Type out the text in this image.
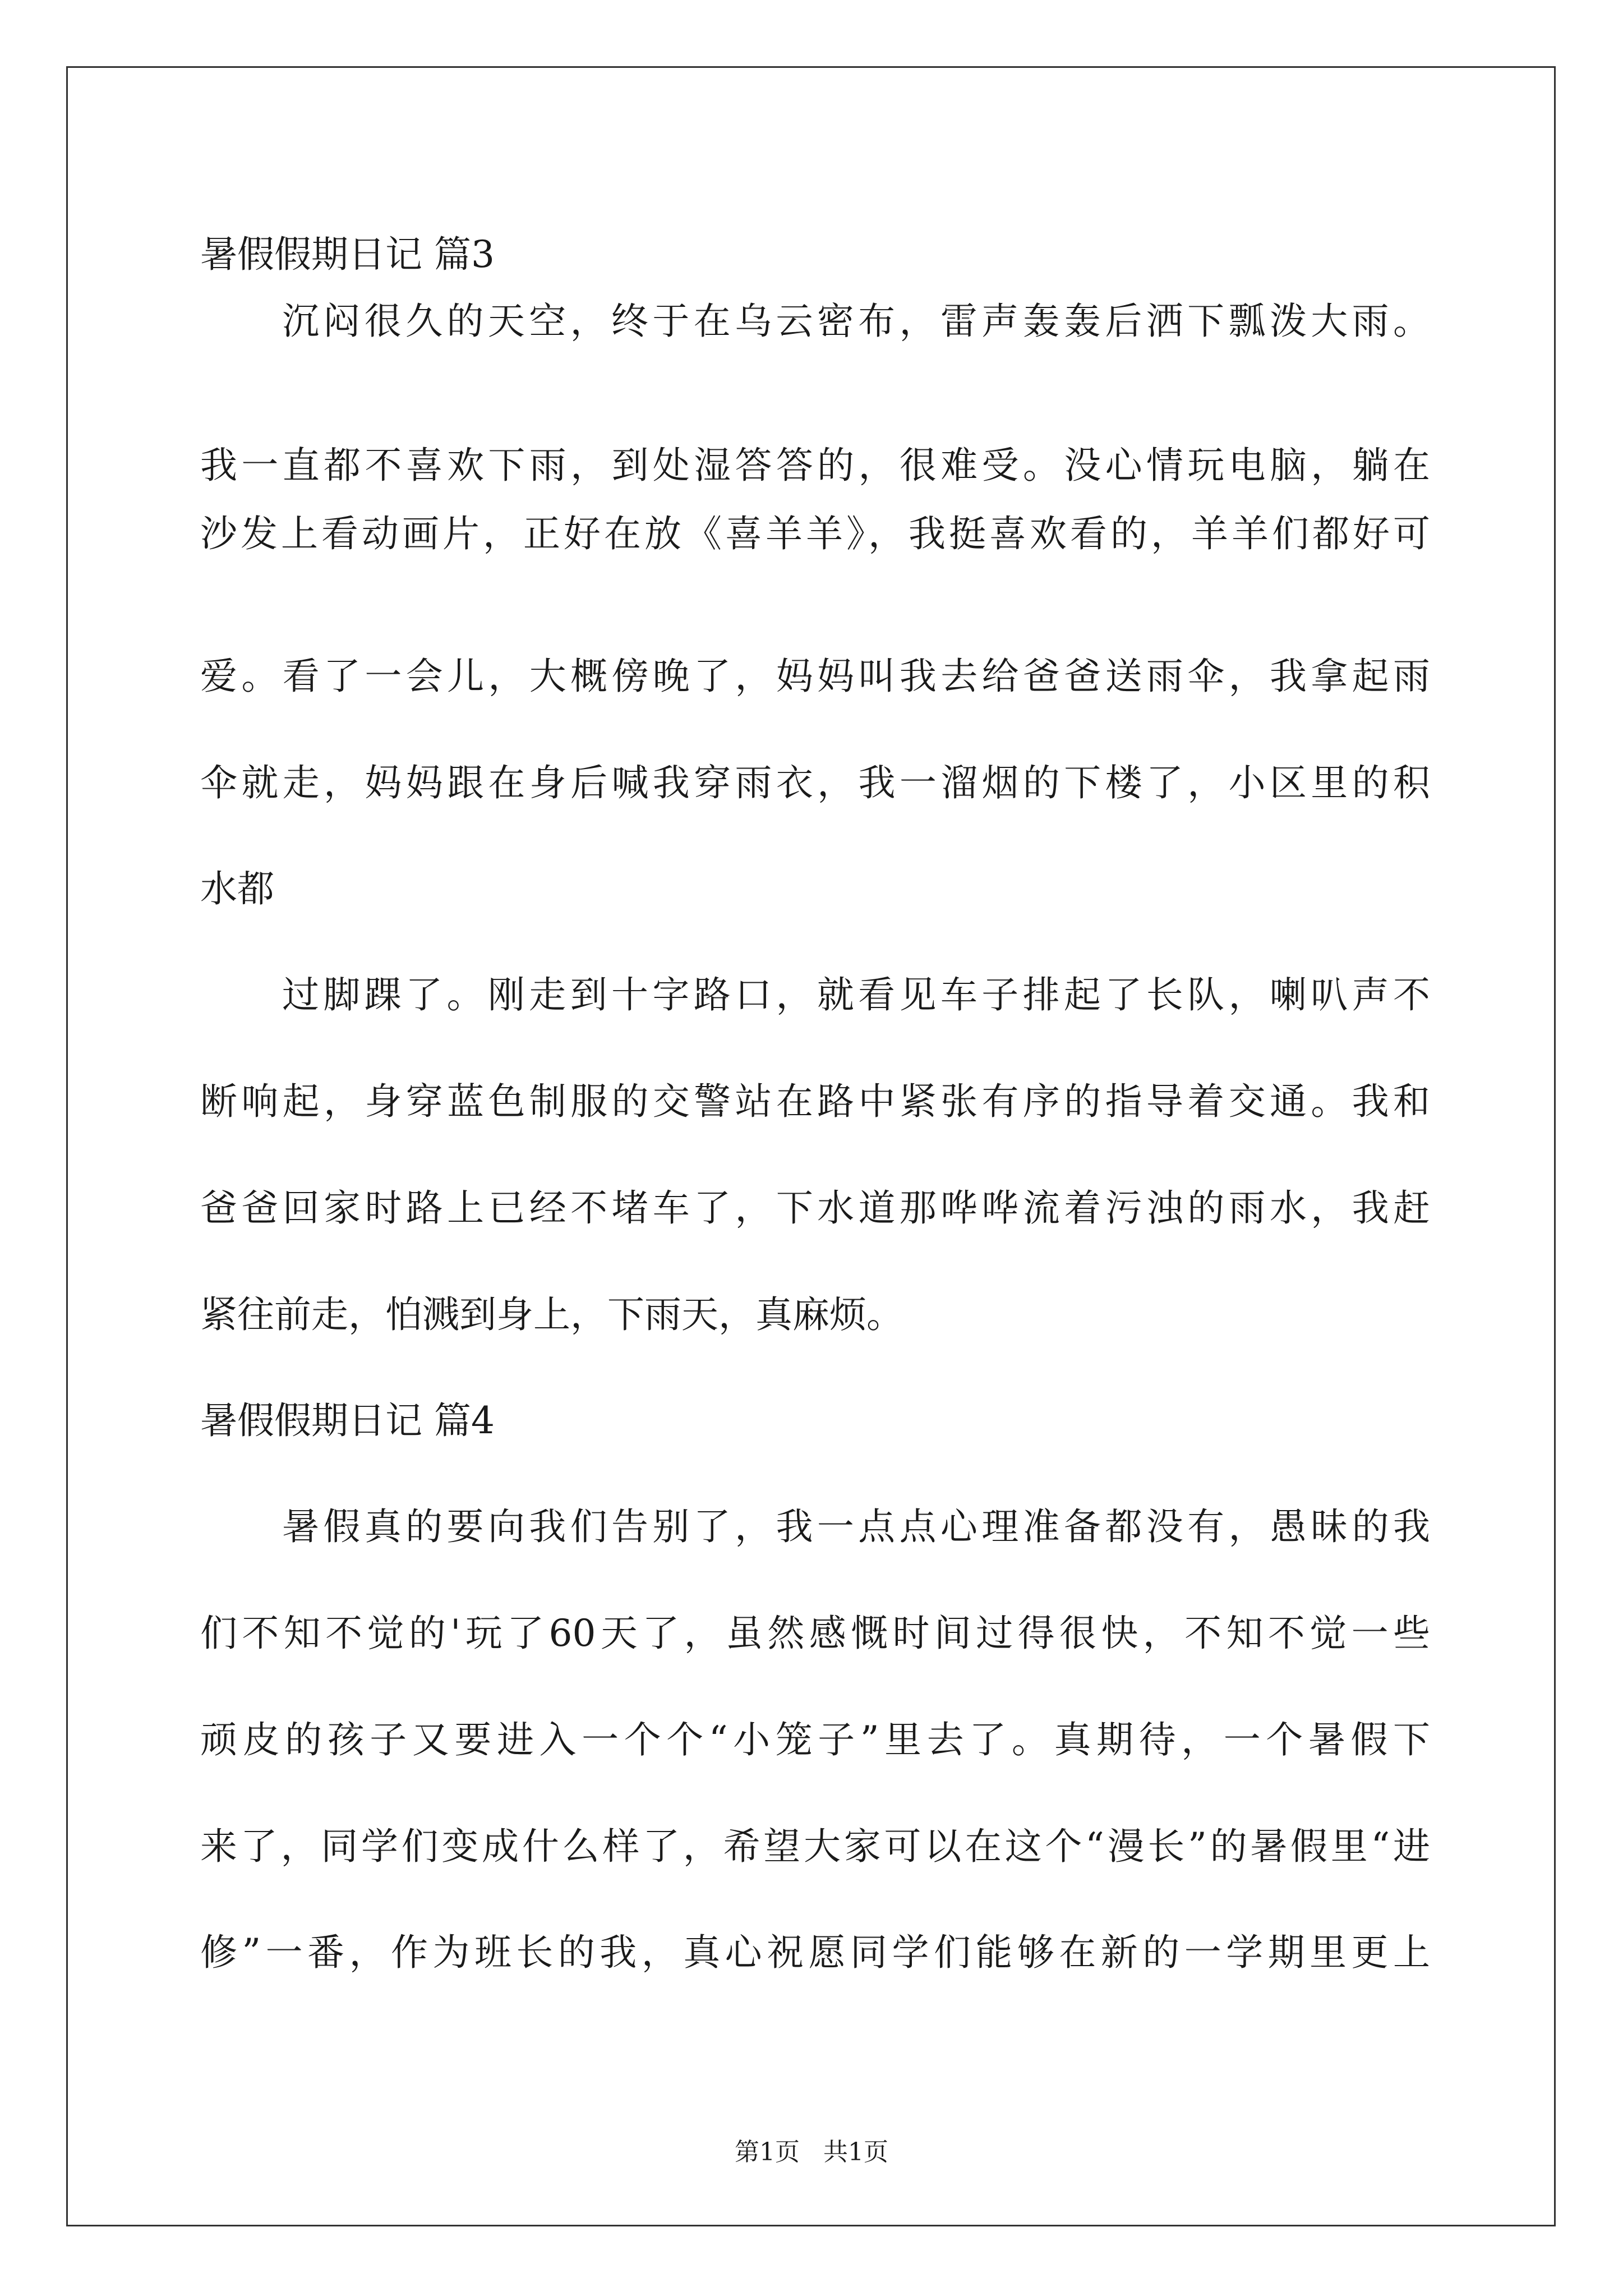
暑假假期日记 篇3
沉闷很久的天空，终于在乌云密布，雷声轰轰后洒下瓢泼大雨。
我一直都不喜欢下雨，到处湿答答的，很难受。没心情玩电脑，躺在
沙发上看动画片，正好在放《喜羊羊》，我挺喜欢看的，羊羊们都好可
爱。看了一会儿，大概傍晚了，妈妈叫我去给爸爸送雨伞，我拿起雨
伞就走，妈妈跟在身后喊我穿雨衣，我一溜烟的下楼了，小区里的积
水都
过脚踝了。刚走到十字路口，就看见车子排起了长队，喇叭声不
断响起，身穿蓝色制服的交警站在路中紧张有序的指导着交通。我和
爸爸回家时路上已经不堵车了，下水道那哗哗流着污浊的雨水，我赶
紧往前走，怕溅到身上，下雨天，真麻烦。
暑假假期日记 篇4
暑假真的要向我们告别了，我一点点心理准备都没有，愚昧的我
们不知不觉的'玩了60天了，虽然感慨时间过得很快，不知不觉一些
顽皮的孩子又要进入一个个“小笼子”里去了。真期待，一个暑假下
来了，同学们变成什么样了，希望大家可以在这个“漫长”的暑假里“进
修”一番，作为班长的我，真心祝愿同学们能够在新的一学期里更上
第1页 共1页
